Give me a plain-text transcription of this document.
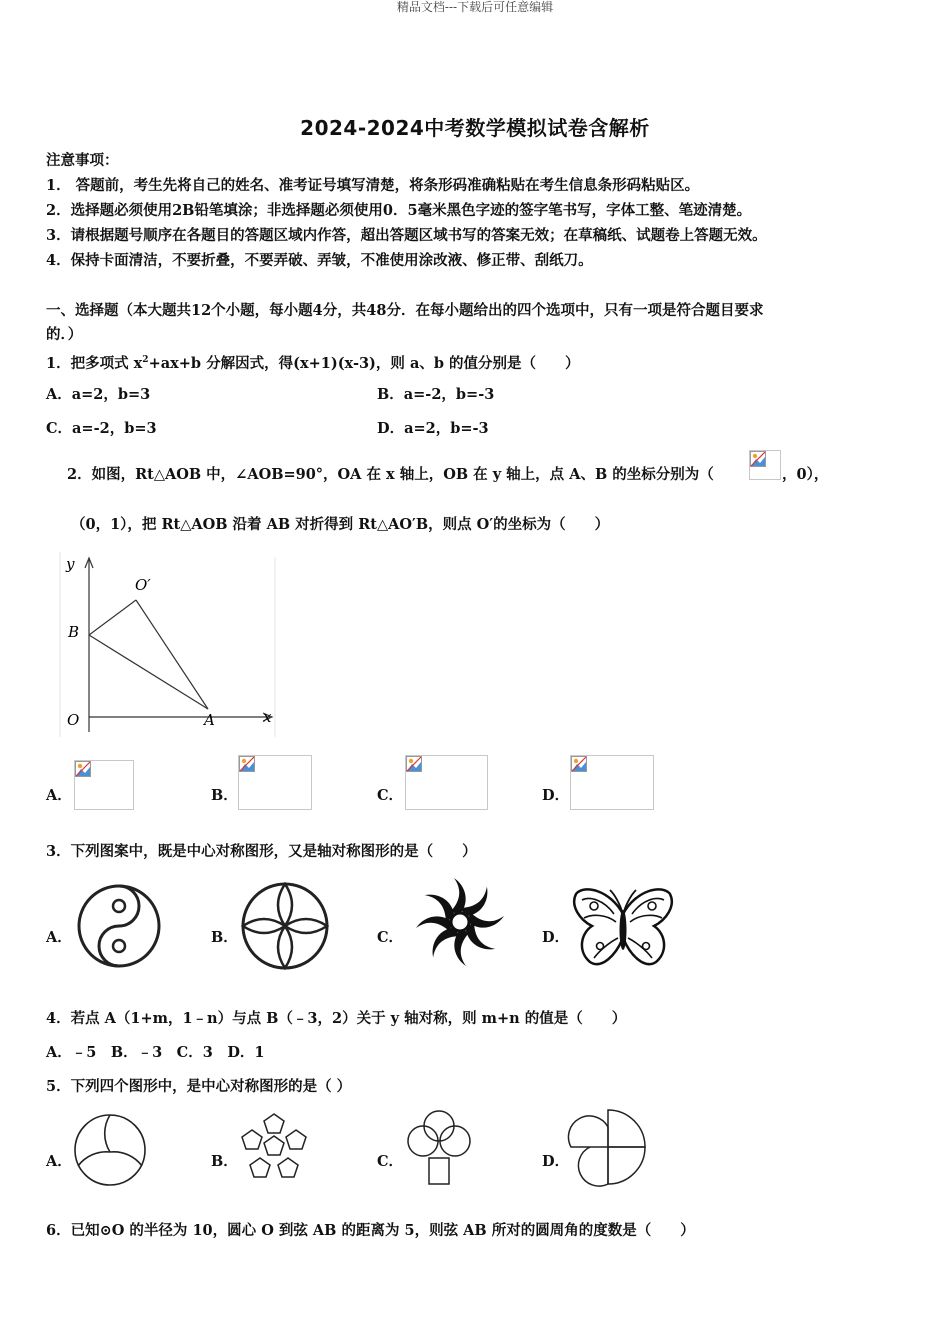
精品文档---下载后可任意编辑
2024-2024中考数学模拟试卷含解析
注意事项：
1． 答题前，考生先将自己的姓名、准考证号填写清楚，将条形码准确粘贴在考生信息条形码粘贴区。
2．选择题必须使用2B铅笔填涂；非选择题必须使用0．5毫米黑色字迹的签字笔书写，字体工整、笔迹清楚。
3．请根据题号顺序在各题目的答题区域内作答，超出答题区域书写的答案无效；在草稿纸、试题卷上答题无效。
4．保持卡面清洁，不要折叠，不要弄破、弄皱，不准使用涂改液、修正带、刮纸刀。
一、选择题（本大题共12个小题，每小题4分，共48分．在每小题给出的四个选项中，只有一项是符合题目要求
的．）
1．把多项式 $x^2+ax+b$ 分解因式，得(x+1)(x-3)，则 a、b 的值分别是（　　）
A．a=2，b=3	B．a=-2，b=-3
C．a=-2，b=3	D．a=2，b=-3
2．如图，Rt△AOB 中，∠AOB=90°，OA 在 x 轴上，OB 在 y 轴上，点 A、B 的坐标分别为（	，0），
（0，1），把 Rt△AOB 沿着 AB 对折得到 Rt△AO′B，则点 O′的坐标为（　　）
y
x
O	A
B
O′
A．	B．	C．	D．
3．下列图案中，既是中心对称图形，又是轴对称图形的是（　　）
A．	B．	C．	D．
4．若点 A（1+m，1﹣n）与点 B（﹣3，2）关于 y 轴对称，则 m+n 的值是（　　）
A．﹣5　B．﹣3　C．3　D．1
5．下列四个图形中，是中心对称图形的是（ ）
A．	B．	C．	D．
6．已知⊙O 的半径为 10，圆心 O 到弦 AB 的距离为 5，则弦 AB 所对的圆周角的度数是（　　）
